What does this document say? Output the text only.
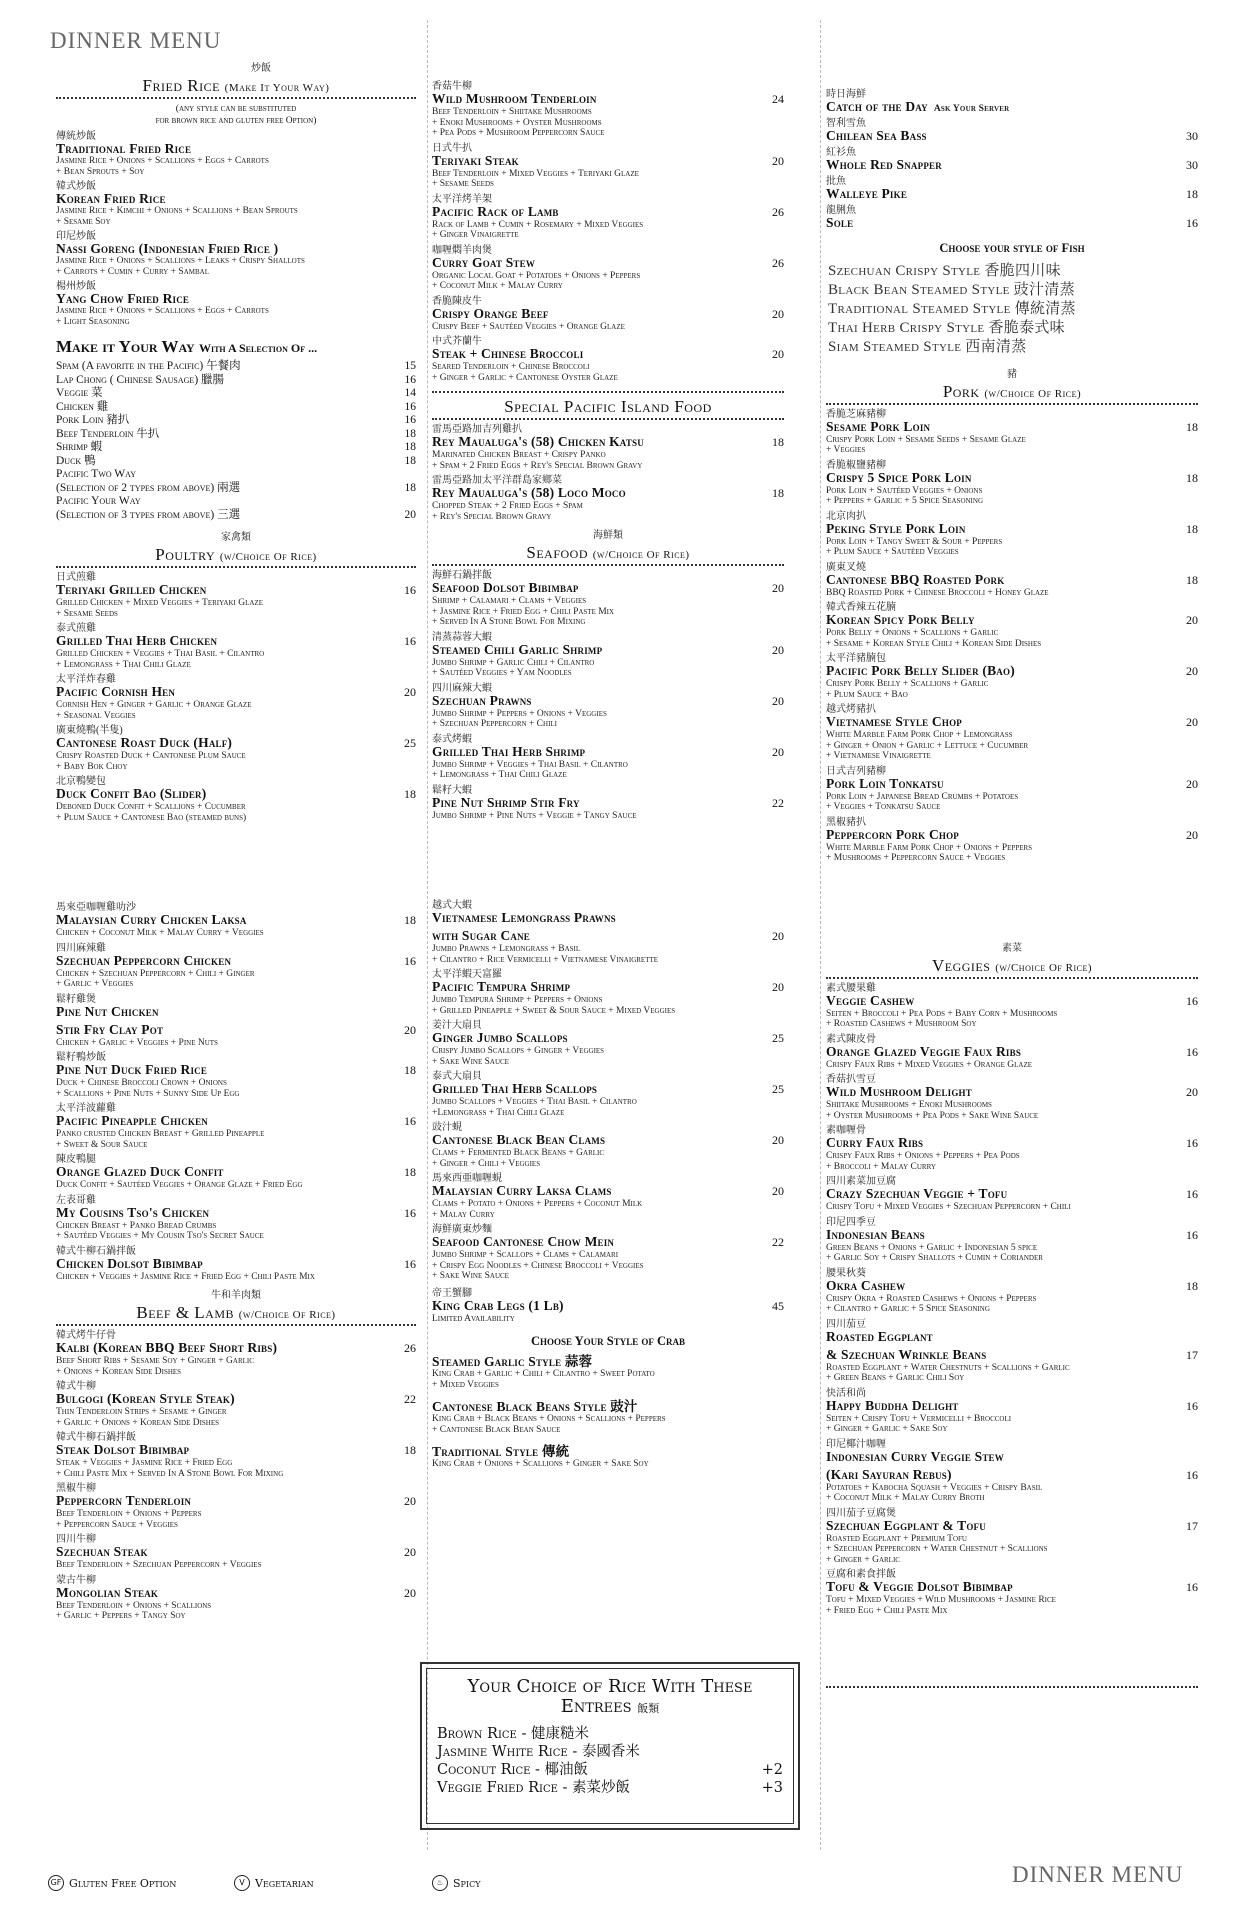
DINNER MENU
DINNER MENU
炒飯
Fried Rice (Make It Your Way)
(any style can be substituted
for brown rice and gluten free Option)
傳統炒飯
Traditional Fried Rice
Jasmine Rice + Onions + Scallions + Eggs + Carrots
+ Bean Sprouts + Soy
韓式炒飯
Korean Fried Rice
Jasmine Rice + Kimchi + Onions + Scallions + Bean Sprouts
+ Sesame Soy
印尼炒飯
Nassi Goreng (Indonesian Fried Rice )
Jasmine Rice + Onions + Scallions + Leaks + Crispy Shallots
+ Carrots + Cumin + Curry + Sambal
楊州炒飯
Yang Chow Fried Rice
Jasmine Rice + Onions + Scallions + Eggs + Carrots
+ Light Seasoning
Make it Your Way With A Selection Of ...
Spam (A favorite in the Pacific) 午餐肉	15
Lap Chong ( Chinese Sausage) 臘腸	16
Veggie 菜	14
Chicken 雞	16
Pork Loin 豬扒	16
Beef Tenderloin 牛扒	18
Shrimp 蝦	18
Duck 鴨	18
Pacific Two Way
(Selection of 2 types from above) 兩選	18
Pacific Your Way
(Selection of 3 types from above) 三選	20
家禽類
Poultry (w/Choice Of Rice)
日式煎雞
Teriyaki Grilled Chicken	16
Grilled Chicken + Mixed Veggies + Teriyaki Glaze
+ Sesame Seeds
泰式煎雞
Grilled Thai Herb Chicken	16
Grilled Chicken + Veggies + Thai Basil + Cilantro
+ Lemongrass + Thai Chili Glaze
太平洋炸春雞
Pacific Cornish Hen	20
Cornish Hen + Ginger + Garlic + Orange Glaze
+ Seasonal Veggies
廣東燒鴨(半隻)
Cantonese Roast Duck (Half)	25
Crispy Roasted Duck + Cantonese Plum Sauce
+ Baby Bok Choy
北京鴨變包
Duck Confit Bao (Slider)	18
Deboned Duck Confit + Scallions + Cucumber
+ Plum Sauce + Cantonese Bao (steamed buns)
馬來亞咖喱雞叻沙
Malaysian Curry Chicken Laksa	18
Chicken + Coconut Milk + Malay Curry + Veggies
四川麻辣雞
Szechuan Peppercorn Chicken	16
Chicken + Szechuan Peppercorn + Chili + Ginger
+ Garlic + Veggies
鬆籽雞煲
Pine Nut Chicken
Stir Fry Clay Pot	20
Chicken + Garlic + Veggies + Pine Nuts
鬆籽鴨炒飯
Pine Nut Duck Fried Rice	18
Duck + Chinese Broccoli Crown + Onions
+ Scallions + Pine Nuts + Sunny Side Up Egg
太平洋波蘿雞
Pacific Pineapple Chicken	16
Panko crusted Chicken Breast + Grilled Pineapple
+ Sweet & Sour Sauce
陳皮鴨腿
Orange Glazed Duck Confit	18
Duck Confit + Sautéed Veggies + Orange Glaze + Fried Egg
左表哥雞
My Cousins Tso's Chicken	16
Chicken Breast + Panko Bread Crumbs
+ Sautéed Veggies + My Cousin Tso's Secret Sauce
韓式牛柳石鍋拌飯
Chicken Dolsot Bibimbap	16
Chicken + Veggies + Jasmine Rice + Fried Egg + Chili Paste Mix
牛和羊肉類
Beef & Lamb (w/Choice Of Rice)
韓式烤牛仔骨
Kalbi (Korean BBQ Beef Short Ribs)	26
Beef Short Ribs + Sesame Soy + Ginger + Garlic
+ Onions + Korean Side Dishes
韓式牛柳
Bulgogi (Korean Style Steak)	22
Thin Tenderloin Strips + Sesame + Ginger
+ Garlic + Onions + Korean Side Dishes
韓式牛柳石鍋拌飯
Steak Dolsot Bibimbap	18
Steak + Veggies + Jasmine Rice + Fried Egg
+ Chili Paste Mix + Served In A Stone Bowl For Mixing
黑椒牛柳
Peppercorn Tenderloin	20
Beef Tenderloin + Onions + Peppers
+ Peppercorn Sauce + Veggies
四川牛柳
Szechuan Steak	20
Beef Tenderloin + Szechuan Peppercorn + Veggies
蒙古牛柳
Mongolian Steak	20
Beef Tenderloin + Onions + Scallions
+ Garlic + Peppers + Tangy Soy
香菇牛柳
Wild Mushroom Tenderloin	24
Beef Tenderloin + Shiitake Mushrooms
+ Enoki Mushrooms + Oyster Mushrooms
+ Pea Pods + Mushroom Peppercorn Sauce
日式牛扒
Teriyaki Steak	20
Beef Tenderloin + Mixed Veggies + Teriyaki Glaze
+ Sesame Seeds
太平洋烤羊架
Pacific Rack of Lamb	26
Rack of Lamb + Cumin + Rosemary + Mixed Veggies
+ Ginger Vinaigrette
咖喱燜羊肉煲
Curry Goat Stew	26
Organic Local Goat + Potatoes + Onions + Peppers
+ Coconut Milk + Malay Curry
香脆陳皮牛
Crispy Orange Beef	20
Crispy Beef + Sautéed Veggies + Orange Glaze
中式芥蘭牛
Steak + Chinese Broccoli	20
Seared Tenderloin + Chinese Broccoli
+ Ginger + Garlic + Cantonese Oyster Glaze
Special Pacific Island Food
雷馬亞路加吉列雞扒
Rey Maualuga's (58) Chicken Katsu	18
Marinated Chicken Breast + Crispy Panko
+ Spam + 2 Fried Eggs + Rey's Special Brown Gravy
雷馬亞路加太平洋群島家鄉菜
Rey Maualuga's (58) Loco Moco	18
Chopped Steak + 2 Fried Eggs + Spam
+ Rey's Special Brown Gravy
海鮮類
Seafood (w/Choice Of Rice)
海鮮石鍋拌飯
Seafood Dolsot Bibimbap	20
Shrimp + Calamari + Clams + Veggies
+ Jasmine Rice + Fried Egg + Chili Paste Mix
+ Served In A Stone Bowl For Mixing
清蒸蒜蓉大蝦
Steamed Chili Garlic Shrimp	20
Jumbo Shrimp + Garlic Chili + Cilantro
+ Sautéed Veggies + Yam Noodles
四川麻辣大蝦
Szechuan Prawns	20
Jumbo Shrimp + Peppers + Onions + Veggies
+ Szechuan Peppercorn + Chili
泰式烤蝦
Grilled Thai Herb Shrimp	20
Jumbo Shrimp + Veggies + Thai Basil + Cilantro
+ Lemongrass + Thai Chili Glaze
鬆籽大蝦
Pine Nut Shrimp Stir Fry	22
Jumbo Shrimp + Pine Nuts + Veggie + Tangy Sauce
越式大蝦
Vietnamese Lemongrass Prawns
with Sugar Cane	20
Jumbo Prawns + Lemongrass + Basil
+ Cilantro + Rice Vermicelli + Vietnamese Vinaigrette
太平洋蝦天富羅
Pacific Tempura Shrimp	20
Jumbo Tempura Shrimp + Peppers + Onions
+ Grilled Pineapple + Sweet & Sour Sauce + Mixed Veggies
姜汁大扇貝
Ginger Jumbo Scallops	25
Crispy Jumbo Scallops + Ginger + Veggies
+ Sake Wine Sauce
泰式大扇貝
Grilled Thai Herb Scallops	25
Jumbo Scallops + Veggies + Thai Basil + Cilantro
+Lemongrass + Thai Chili Glaze
豉汁蜆
Cantonese Black Bean Clams	20
Clams + Fermented Black Beans + Garlic
+ Ginger + Chili + Veggies
馬來西亜咖喱蜆
Malaysian Curry Laksa Clams	20
Clams + Potato + Onions + Peppers + Coconut Milk
+ Malay Curry
海鮮廣東炒麵
Seafood Cantonese Chow Mein	22
Jumbo Shrimp + Scallops + Clams + Calamari
+ Crispy Egg Noodles + Chinese Broccoli + Veggies
+ Sake Wine Sauce
帝王蟹腳
King Crab Legs (1 Lb)	45
Limited Availability
Choose Your Style of Crab
Steamed Garlic Style 蒜蓉
King Crab + Garlic + Chili + Cilantro + Sweet Potato
+ Mixed Veggies
Cantonese Black Beans Style 豉汁
King Crab + Black Beans + Onions + Scallions + Peppers
+ Cantonese Black Bean Sauce
Traditional Style 傳統
King Crab + Onions + Scallions + Ginger + Sake Soy
Your Choice of Rice With These
Entrees 飯類
Brown Rice - 健康糙米
Jasmine White Rice - 泰國香米
Coconut Rice - 椰油飯	+2
Veggie Fried Rice - 素菜炒飯	+3
時日海鮮
Catch of the Day Ask Your Server
智利雪魚
Chilean Sea Bass	30
紅衫魚
Whole Red Snapper	30
批魚
Walleye Pike	18
龍脷魚
Sole	16
Choose your style of Fish
Szechuan Crispy Style 香脆四川味
Black Bean Steamed Style 豉汁清蒸
Traditional Steamed Style 傳統清蒸
Thai Herb Crispy Style 香脆泰式味
Siam Steamed Style 西南清蒸
豬
Pork (w/Choice Of Rice)
香脆芝麻豬柳
Sesame Pork Loin	18
Crispy Pork Loin + Sesame Seeds + Sesame Glaze
+ Veggies
香脆椒鹽豬柳
Crispy 5 Spice Pork Loin	18
Pork Loin + Sautéed Veggies + Onions
+ Peppers + Garlic + 5 Spice Seasoning
北京肉扒
Peking Style Pork Loin	18
Pork Loin + Tangy Sweet & Sour + Peppers
+ Plum Sauce + Sautéed Veggies
廣東叉燒
Cantonese BBQ Roasted Pork	18
BBQ Roasted Pork + Chinese Broccoli + Honey Glaze
韓式香辣五花腩
Korean Spicy Pork Belly	20
Pork Belly + Onions + Scallions + Garlic
+ Sesame + Korean Style Chili + Korean Side Dishes
太平洋豬腩包
Pacific Pork Belly Slider (Bao)	20
Crispy Pork Belly + Scallions + Garlic
+ Plum Sauce + Bao
越式烤豬扒
Vietnamese Style Chop	20
White Marble Farm Pork Chop + Lemongrass
+ Ginger + Onion + Garlic + Lettuce + Cucumber
+ Vietnamese Vinaigrette
日式吉列豬柳
Pork Loin Tonkatsu	20
Pork Loin + Japanese Bread Crumbs + Potatoes
+ Veggies + Tonkatsu Sauce
黑椒豬扒
Peppercorn Pork Chop	20
White Marble Farm Pork Chop + Onions + Peppers
+ Mushrooms + Peppercorn Sauce + Veggies
素菜
Veggies (w/Choice Of Rice)
素式腰果雞
Veggie Cashew	16
Seiten + Broccoli + Pea Pods + Baby Corn + Mushrooms
+ Roasted Cashews + Mushroom Soy
素式陳皮骨
Orange Glazed Veggie Faux Ribs	16
Crispy Faux Ribs + Mixed Veggies + Orange Glaze
香菇扒雪豆
Wild Mushroom Delight	20
Shiitake Mushrooms + Enoki Mushrooms
+ Oyster Mushrooms + Pea Pods + Sake Wine Sauce
素咖喱骨
Curry Faux Ribs	16
Crispy Faux Ribs + Onions + Peppers + Pea Pods
+ Broccoli + Malay Curry
四川素菜加豆腐
Crazy Szechuan Veggie + Tofu	16
Crispy Tofu + Mixed Veggies + Szechuan Peppercorn + Chili
印尼四季豆
Indonesian Beans	16
Green Beans + Onions + Garlic + Indonesian 5 spice
+ Garlic Soy + Crispy Shallots + Cumin + Coriander
腰果秋葵
Okra Cashew	18
Crispy Okra + Roasted Cashews + Onions + Peppers
+ Cilantro + Garlic + 5 Spice Seasoning
四川茄豆
Roasted Eggplant
& Szechuan Wrinkle Beans	17
Roasted Eggplant + Water Chestnuts + Scallions + Garlic
+ Green Beans + Garlic Chili Soy
快活和尚
Happy Buddha Delight	16
Seiten + Crispy Tofu + Vermicelli + Broccoli
+ Ginger + Garlic + Sake Soy
印尼椰汁咖喱
Indonesian Curry Veggie Stew
(Kari Sayuran Rebus)	16
Potatoes + Kabocha Squash + Veggies + Crispy Basil
+ Coconut Milk + Malay Curry Broth
四川茄子豆腐煲
Szechuan Eggplant & Tofu	17
Roasted Eggplant + Premium Tofu
+ Szechuan Peppercorn + Water Chestnut + Scallions
+ Ginger + Garlic
豆腐和素食拌飯
Tofu & Veggie Dolsot Bibimbap	16
Tofu + Mixed Veggies + Wild Mushrooms + Jasmine Rice
+ Fried Egg + Chili Paste Mix
GF Gluten Free Option	V Vegetarian	♨ Spicy
